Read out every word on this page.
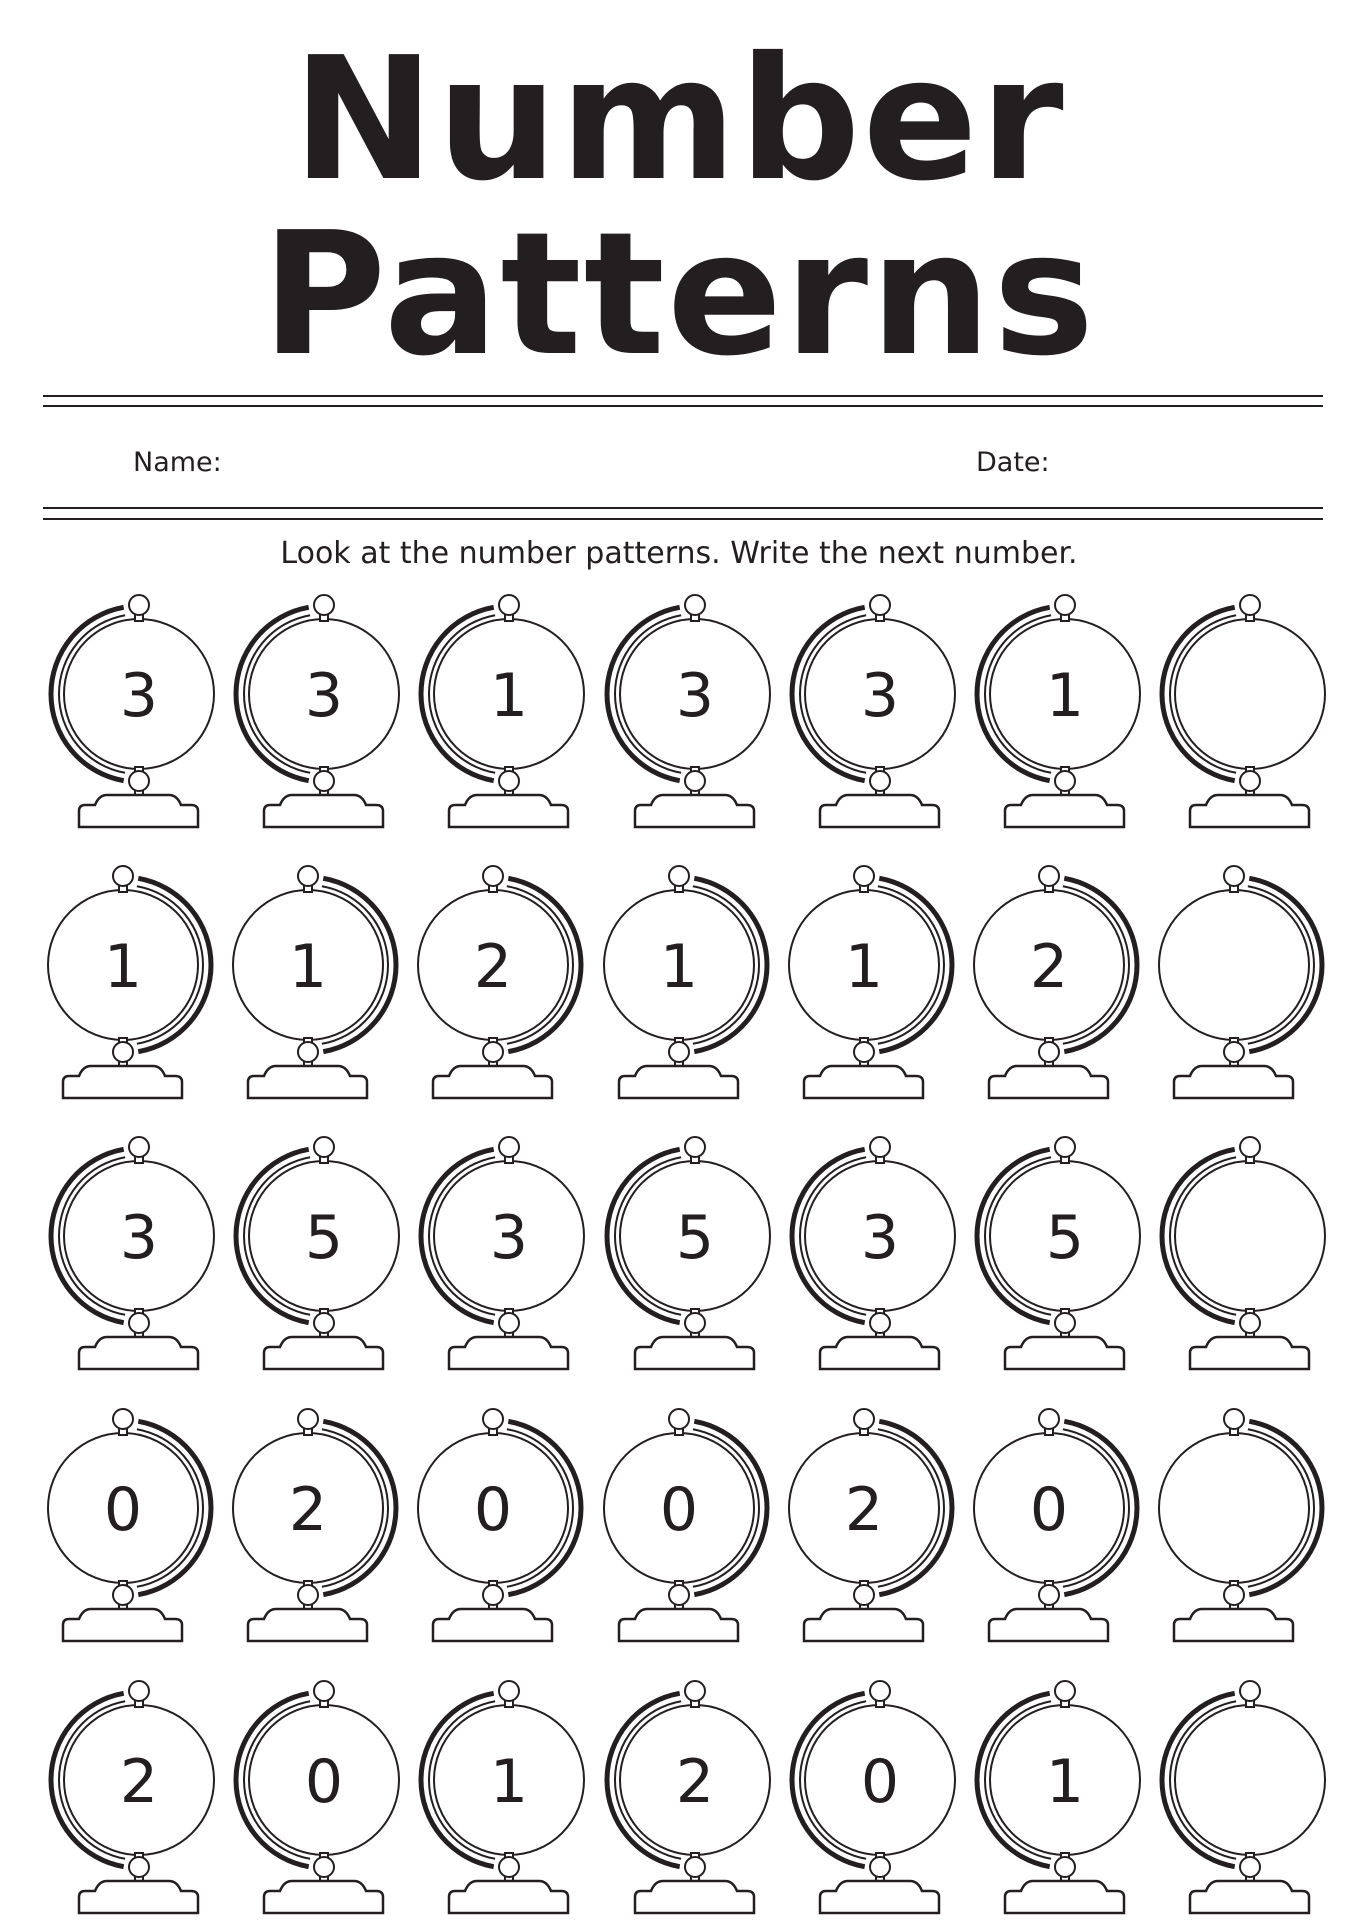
Number
Patterns
Name:	Date:
Look at the number patterns. Write the next number.
3 3 1 3 3 1
1 1 2 1 1 2
3 5 3 5 3 5
0 2 0 0 2 0
2 0 1 2 0 1
